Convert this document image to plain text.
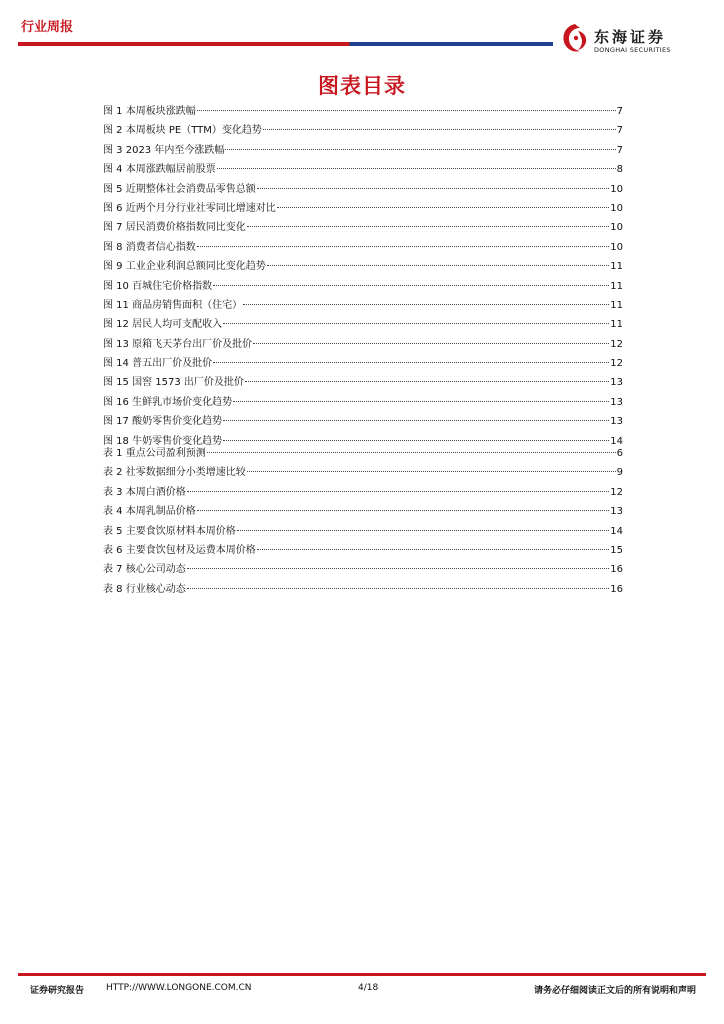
行业周报
东海证券
DONGHAI SECURITIES
图表目录
图 1 本周板块涨跌幅	7
图 2 本周板块 PE（TTM）变化趋势	7
图 3 2023 年内至今涨跌幅	7
图 4 本周涨跌幅居前股票	8
图 5 近期整体社会消费品零售总额	10
图 6 近两个月分行业社零同比增速对比	10
图 7 居民消费价格指数同比变化	10
图 8 消费者信心指数	10
图 9 工业企业利润总额同比变化趋势	11
图 10 百城住宅价格指数	11
图 11 商品房销售面积（住宅）	11
图 12 居民人均可支配收入	11
图 13 原箱飞天茅台出厂价及批价	12
图 14 普五出厂价及批价	12
图 15 国窖 1573 出厂价及批价	13
图 16 生鲜乳市场价变化趋势	13
图 17 酸奶零售价变化趋势	13
图 18 牛奶零售价变化趋势	14
表 1 重点公司盈利预测	6
表 2 社零数据细分小类增速比较	9
表 3 本周白酒价格	12
表 4 本周乳制品价格	13
表 5 主要食饮原材料本周价格	14
表 6 主要食饮包材及运费本周价格	15
表 7 核心公司动态	16
表 8 行业核心动态	16
证券研究报告 HTTP://WWW.LONGONE.COM.CN	4/18	请务必仔细阅读正文后的所有说明和声明
